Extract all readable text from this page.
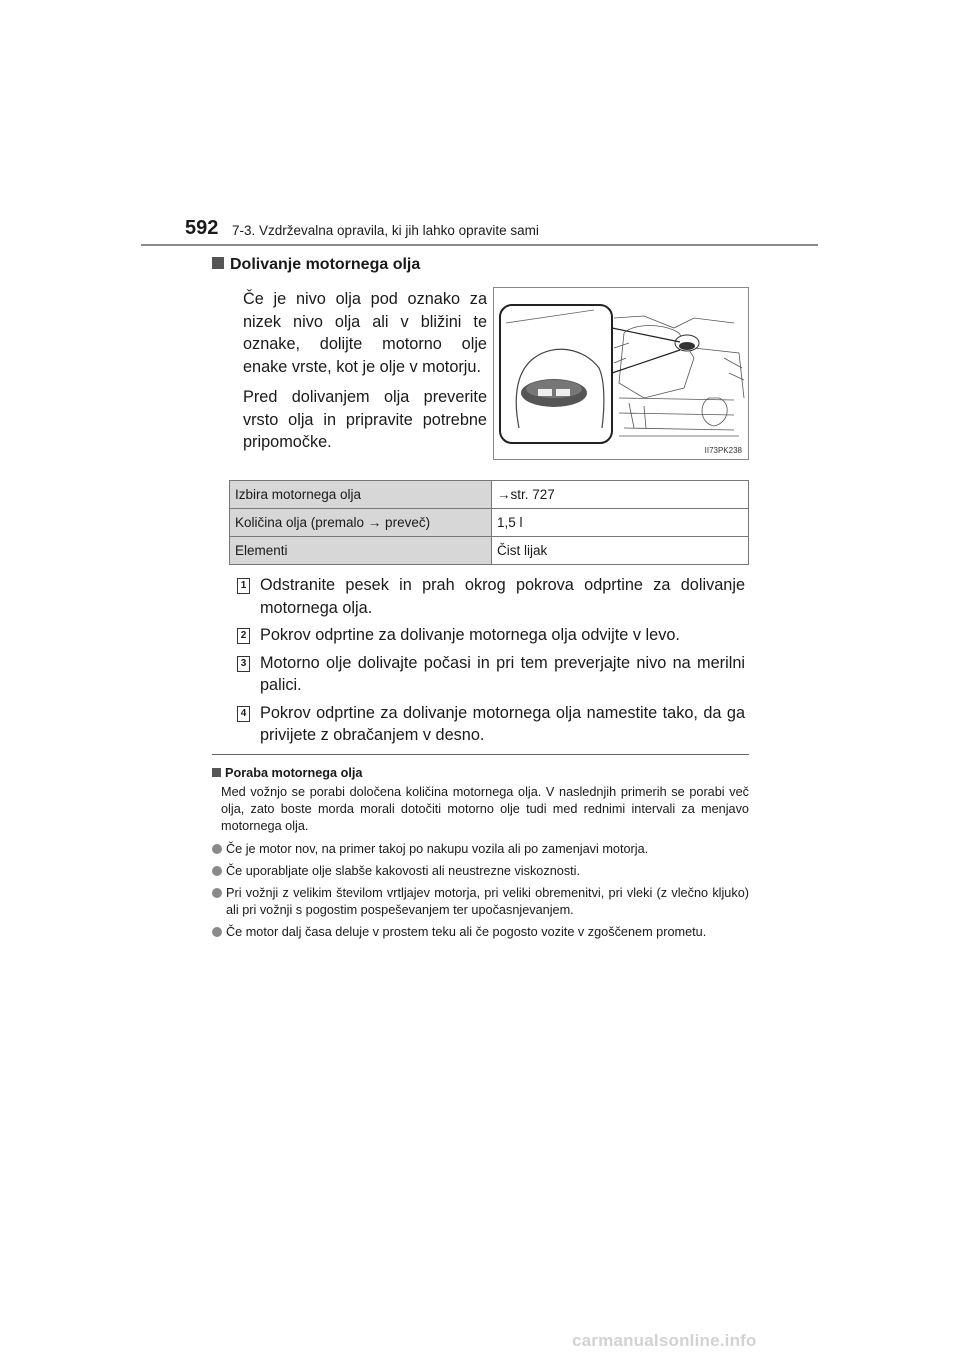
592 7-3. Vzdrževalna opravila, ki jih lahko opravite sami
Dolivanje motornega olja

Če je nivo olja pod oznako za nizek nivo olja ali v bližini te oznake, dolijte motorno olje enake vrste, kot je olje v motorju.

Pred dolivanjem olja preverite vrsto olja in pripravite potrebne pripomočke.	II73PK238
Izbira motornega olja	→str. 727
Količina olja (premalo → preveč)	1,5 l
Elementi	Čist lijak
1 Odstranite pesek in prah okrog pokrova odprtine za dolivanje motornega olja.
2 Pokrov odprtine za dolivanje motornega olja odvijte v levo.
3 Motorno olje dolivajte počasi in pri tem preverjajte nivo na merilni palici.
4 Pokrov odprtine za dolivanje motornega olja namestite tako, da ga privijete z obračanjem v desno.
Poraba motornega olja
Med vožnjo se porabi določena količina motornega olja. V naslednjih primerih se porabi več olja, zato boste morda morali dotočiti motorno olje tudi med rednimi intervali za menjavo motornega olja.
Če je motor nov, na primer takoj po nakupu vozila ali po zamenjavi motorja.
Če uporabljate olje slabše kakovosti ali neustrezne viskoznosti.
Pri vožnji z velikim številom vrtljajev motorja, pri veliki obremenitvi, pri vleki (z vlečno kljuko) ali pri vožnji s pogostim pospeševanjem ter upočasnjevanjem.
Če motor dalj časa deluje v prostem teku ali če pogosto vozite v zgoščenem prometu.
carmanualsonline.info
